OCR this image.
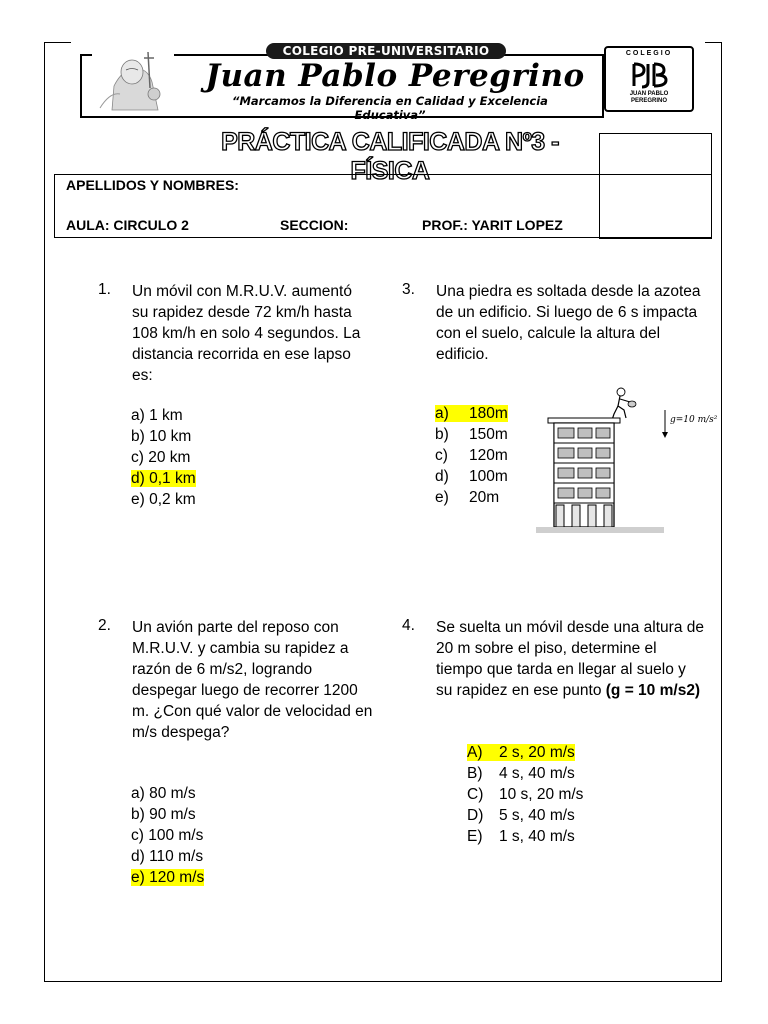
COLEGIO PRE-UNIVERSITARIO
Juan Pablo Peregrino
“Marcamos la Diferencia en Calidad y Excelencia Educativa”
COLEGIO
JUAN PABLO
PEREGRINO
PRÁCTICA CALIFICADA Nº3 - FÍSICA
APELLIDOS Y NOMBRES:
AULA: CIRCULO 2	SECCION:	PROF.: YARIT LOPEZ
1. Un móvil con M.R.U.V. aumentó
su rapidez desde 72 km/h hasta
108 km/h en solo 4 segundos. La
distancia recorrida en ese lapso
es:
a) 1 km
b) 10 km
c) 20 km
d) 0,1 km
e) 0,2 km
2. Un avión parte del reposo con
M.R.U.V. y cambia su rapidez a
razón de 6 m/s2, logrando
despegar luego de recorrer 1200
m. ¿Con qué valor de velocidad en
m/s despega?
a) 80 m/s
b) 90 m/s
c) 100 m/s
d) 110 m/s
e) 120 m/s
3. Una piedra es soltada desde la azotea
de un edificio. Si luego de 6 s impacta
con el suelo, calcule la altura del
edificio.
a) 180m
b) 150m
c) 120m
d) 100m
e) 20m
g=10 m/s²
4. Se suelta un móvil desde una altura de
20 m sobre el piso, determine el
tiempo que tarda en llegar al suelo y
su rapidez en ese punto (g = 10 m/s2)
A) 2 s, 20 m/s
B) 4 s, 40 m/s
C) 10 s, 20 m/s
D) 5 s, 40 m/s
E) 1 s, 40 m/s
